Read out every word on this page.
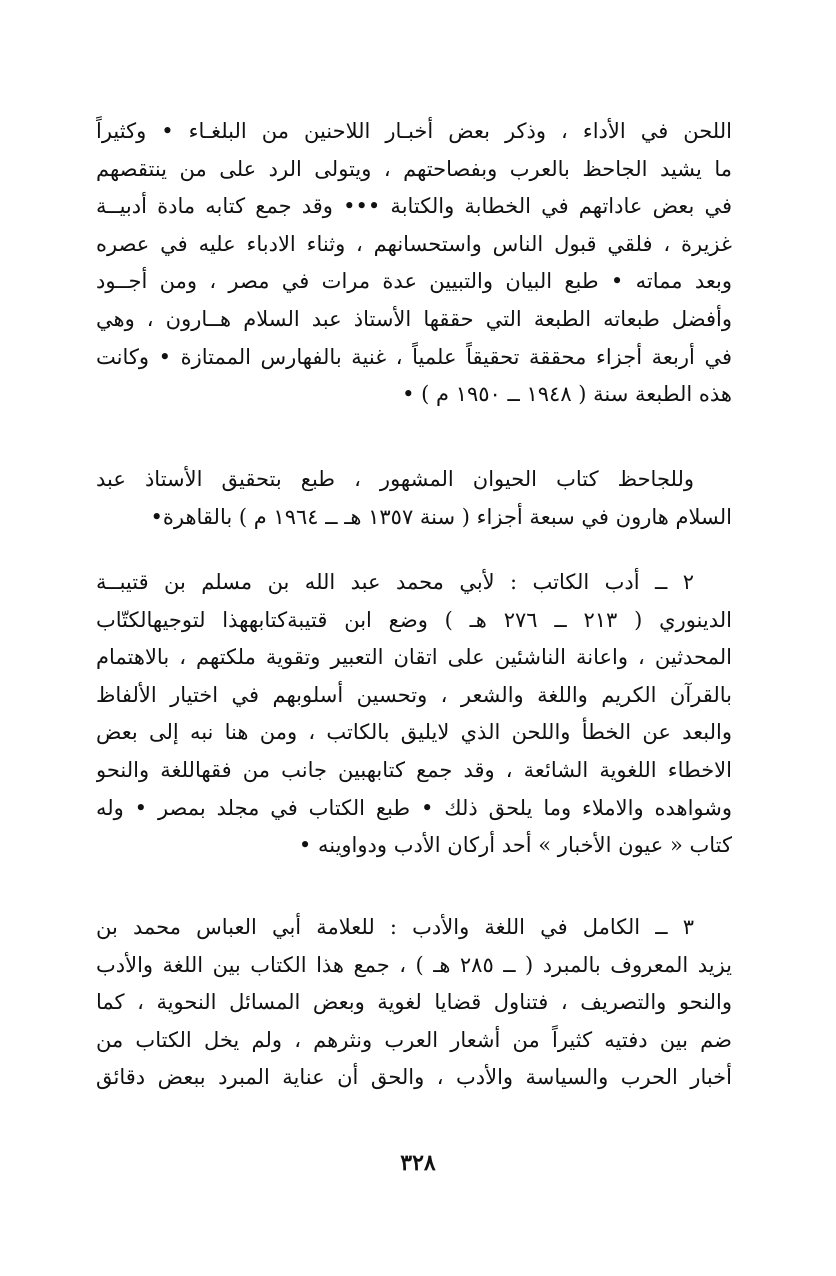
اللحن في الأداء ، وذكر بعض أخبـار اللاحنين من البلغـاء • وكثيراً
ما يشيد الجاحظ بالعرب وبفصاحتهم ، ويتولى الرد على من ينتقصهم
في بعض عاداتهم في الخطابة والكتابة ••• وقد جمع كتابه مادة أدبيــة
غزيرة ، فلقي قبول الناس واستحسانهم ، وثناء الادباء عليه في عصره
وبعد مماته • طبع البيان والتبيين عدة مرات في مصر ، ومن أجــود
وأفضل طبعاته الطبعة التي حققها الأستاذ عبد السلام هــارون ، وهي
في أربعة أجزاء محققة تحقيقاً علمياً ، غنية بالفهارس الممتازة • وكانت
هذه الطبعة سنة ( ١٩٤٨ ــ ١٩٥٠ م ) •
وللجاحظ كتاب الحيوان المشهور ، طبع بتحقيق الأستاذ عبد
السلام هارون في سبعة أجزاء ( سنة ١٣٥٧ هـ ــ ١٩٦٤ م ) بالقاهرة•
٢ ــ أدب الكاتب : لأبي محمد عبد الله بن مسلم بن قتيبــة
الدينوري ( ٢١٣ ــ ٢٧٦ هـ ) وضع ابن قتيبةكتابههذا لتوجيهالكتّاب
المحدثين ، واعانة الناشئين على اتقان التعبير وتقوية ملكتهم ، بالاهتمام
بالقرآن الكريم واللغة والشعر ، وتحسين أسلوبهم في اختيار الألفاظ
والبعد عن الخطأ واللحن الذي لايليق بالكاتب ، ومن هنا نبه إلى بعض
الاخطاء اللغوية الشائعة ، وقد جمع كتابهبين جانب من فقهاللغة والنحو
وشواهده والاملاء وما يلحق ذلك • طبع الكتاب في مجلد بمصر • وله
كتاب « عيون الأخبار » أحد أركان الأدب ودواوينه •
٣ ــ الكامل في اللغة والأدب : للعلامة أبي العباس محمد بن
يزيد المعروف بالمبرد ( ــ ٢٨٥ هـ ) ، جمع هذا الكتاب بين اللغة والأدب
والنحو والتصريف ، فتناول قضايا لغوية وبعض المسائل النحوية ، كما
ضم بين دفتيه كثيراً من أشعار العرب ونثرهم ، ولم يخل الكتاب من
أخبار الحرب والسياسة والأدب ، والحق أن عناية المبرد ببعض دقائق
٣٢٨
